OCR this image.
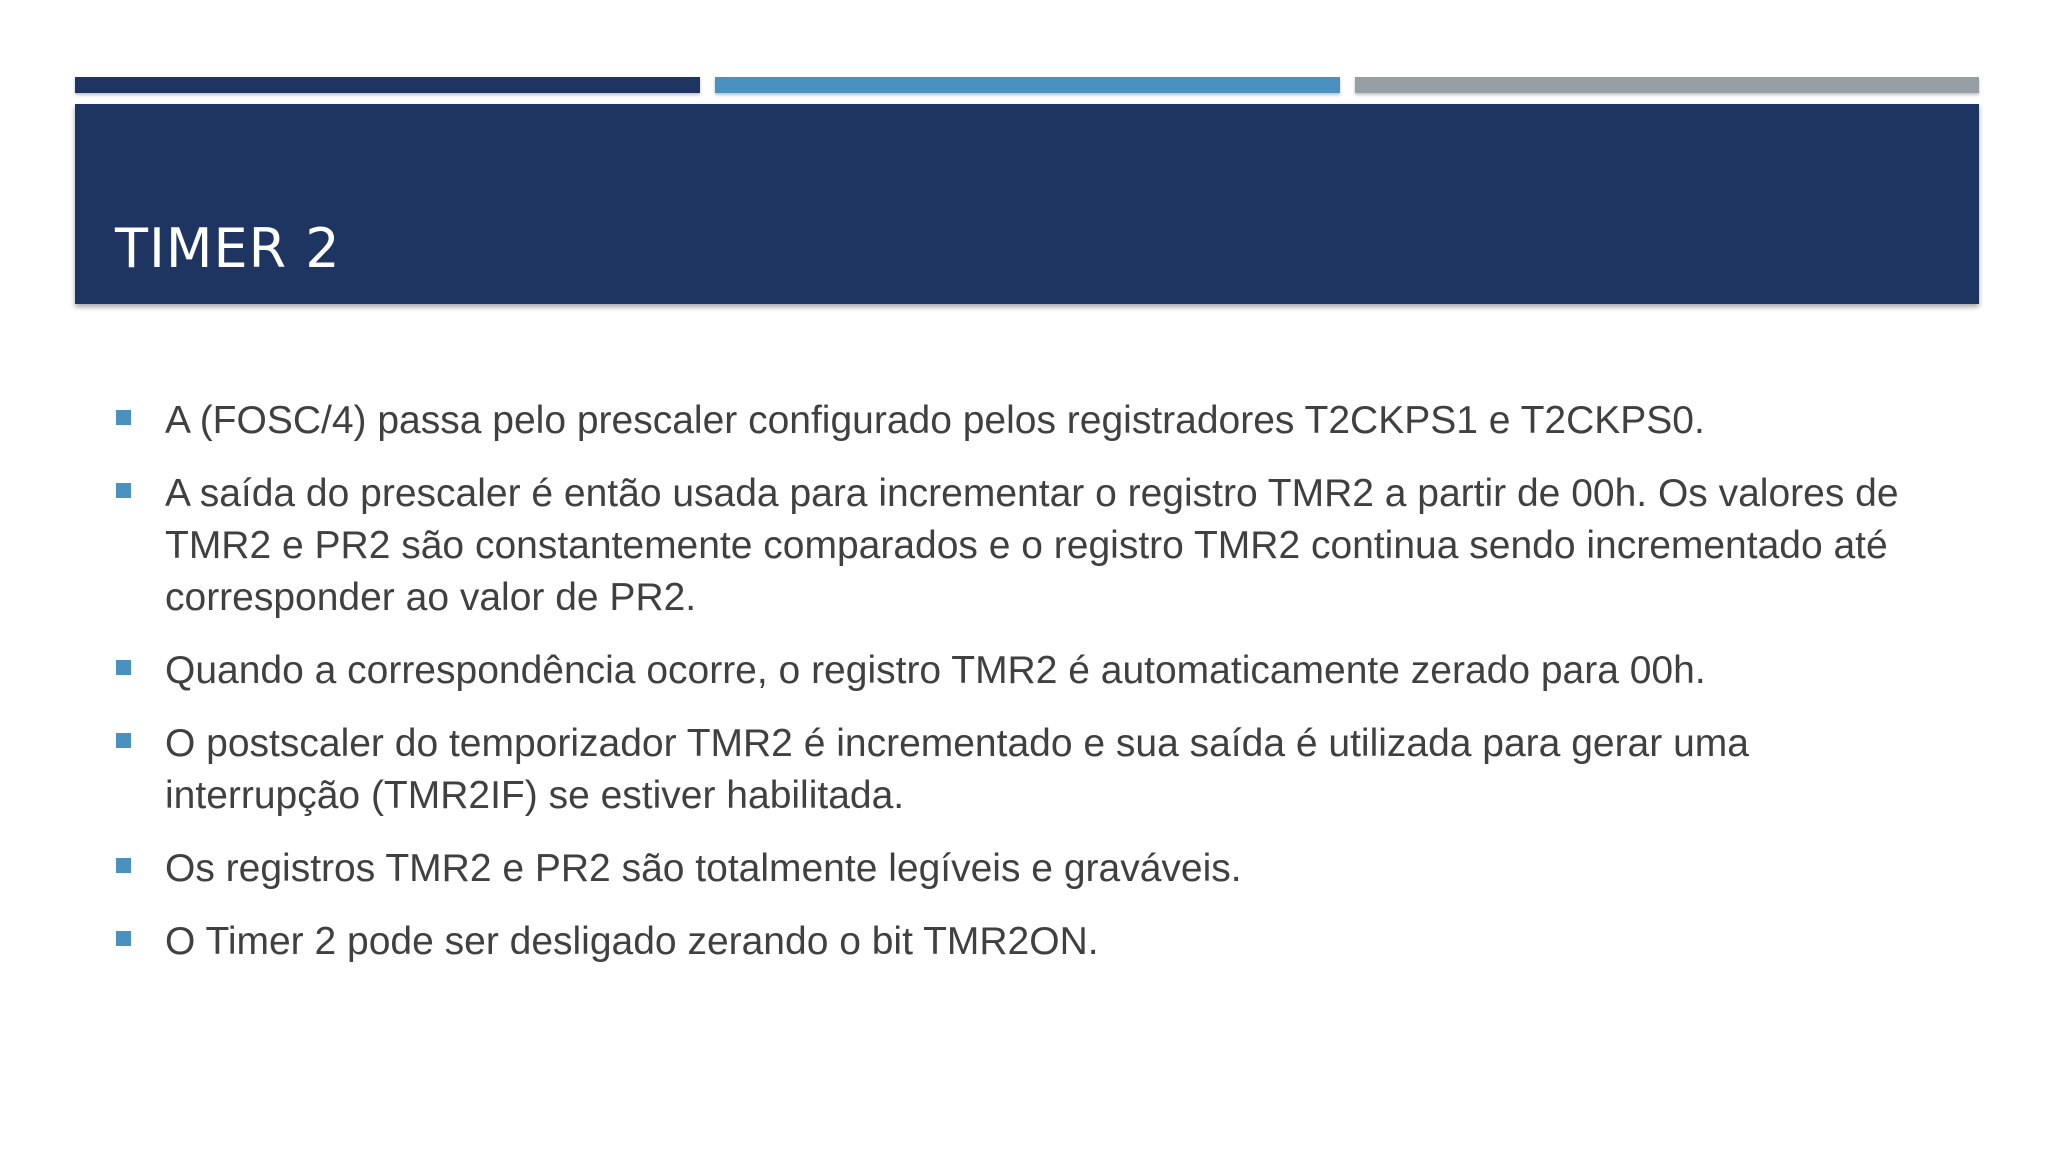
TIMER 2
A (FOSC/4) passa pelo prescaler configurado pelos registradores T2CKPS1 e T2CKPS0.
A saída do prescaler é então usada para incrementar o registro TMR2 a partir de 00h. Os valores de TMR2 e PR2 são constantemente comparados e o registro TMR2 continua sendo incrementado até corresponder ao valor de PR2.
Quando a correspondência ocorre, o registro TMR2 é automaticamente zerado para 00h.
O postscaler do temporizador TMR2 é incrementado e sua saída é utilizada para gerar uma interrupção (TMR2IF) se estiver habilitada.
Os registros TMR2 e PR2 são totalmente legíveis e graváveis.
O Timer 2 pode ser desligado zerando o bit TMR2ON.
